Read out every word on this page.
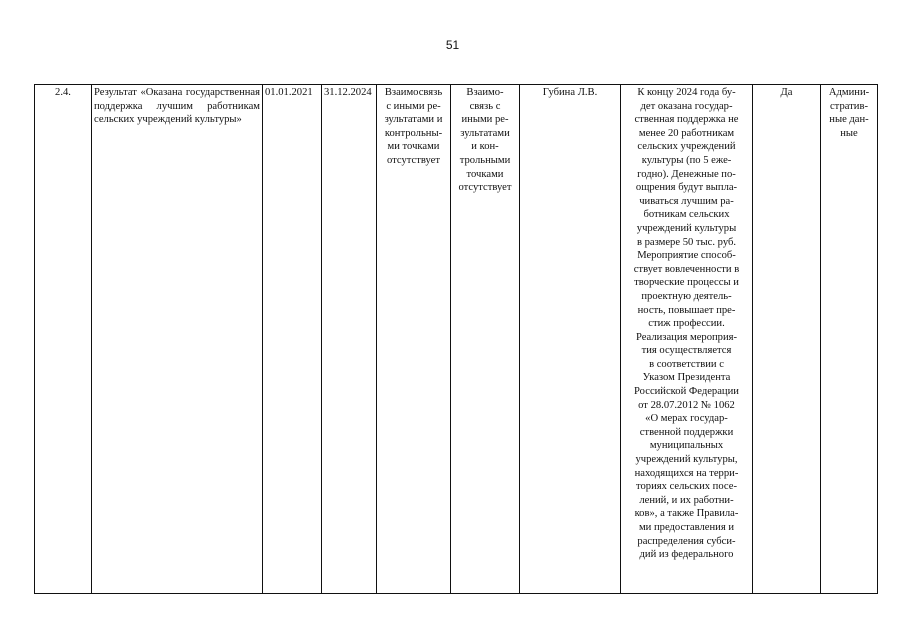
51
2.4.	Результат «Оказана государственная поддержка лучшим работникам сельских учреждений культуры»	01.01.2021	31.12.2024	Взаимосвязь
с иными ре-
зультатами и
контрольны-
ми точками
отсутствует	Взаимо-
связь с
иными ре-
зультатами
и кон-
трольными
точками
отсутствует	Губина Л.В.	К концу 2024 года бу-
дет оказана государ-
ственная поддержка не
менее 20 работникам
сельских учреждений
культуры (по 5 еже-
годно). Денежные по-
ощрения будут выпла-
чиваться лучшим ра-
ботникам сельских
учреждений культуры
в размере 50 тыс. руб.
Мероприятие способ-
ствует вовлеченности в
творческие процессы и
проектную деятель-
ность, повышает пре-
стиж профессии.
Реализация мероприя-
тия осуществляется
в соответствии с
Указом Президента
Российской Федерации
от 28.07.2012 № 1062
«О мерах государ-
ственной поддержки
муниципальных
учреждений культуры,
находящихся на терри-
ториях сельских посе-
лений, и их работни-
ков», а также Правила-
ми предоставления и
распределения субси-
дий из федерального	Да	Админи-
стратив-
ные дан-
ные
